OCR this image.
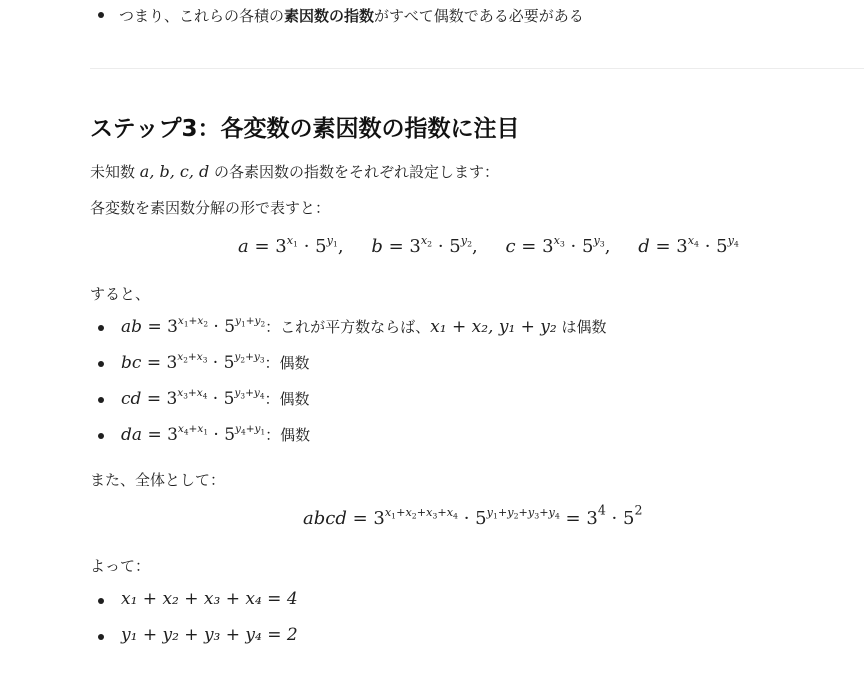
つまり、これらの各積の素因数の指数がすべて偶数である必要がある
ステップ3：各変数の素因数の指数に注目
未知数 a, b, c, d の各素因数の指数をそれぞれ設定します：
各変数を素因数分解の形で表すと：
$a = 3^{x_1} \cdot 5^{y_1}$, $b = 3^{x_2} \cdot 5^{y_2}$, $c = 3^{x_3} \cdot 5^{y_3}$, $d = 3^{x_4} \cdot 5^{y_4}$
すると、
ab = $3^{x_1+x_2} \cdot 5^{y_1+y_2}$：これが平方数ならば、x₁ + x₂, y₁ + y₂ は偶数
bc = $3^{x_2+x_3} \cdot 5^{y_2+y_3}$：偶数
cd = $3^{x_3+x_4} \cdot 5^{y_3+y_4}$：偶数
da = $3^{x_4+x_1} \cdot 5^{y_4+y_1}$：偶数
また、全体として：
abcd = $3^{x_1+x_2+x_3+x_4} \cdot 5^{y_1+y_2+y_3+y_4} = 3^4 \cdot 5^2$
よって：
x₁ + x₂ + x₃ + x₄ = 4
y₁ + y₂ + y₃ + y₄ = 2
